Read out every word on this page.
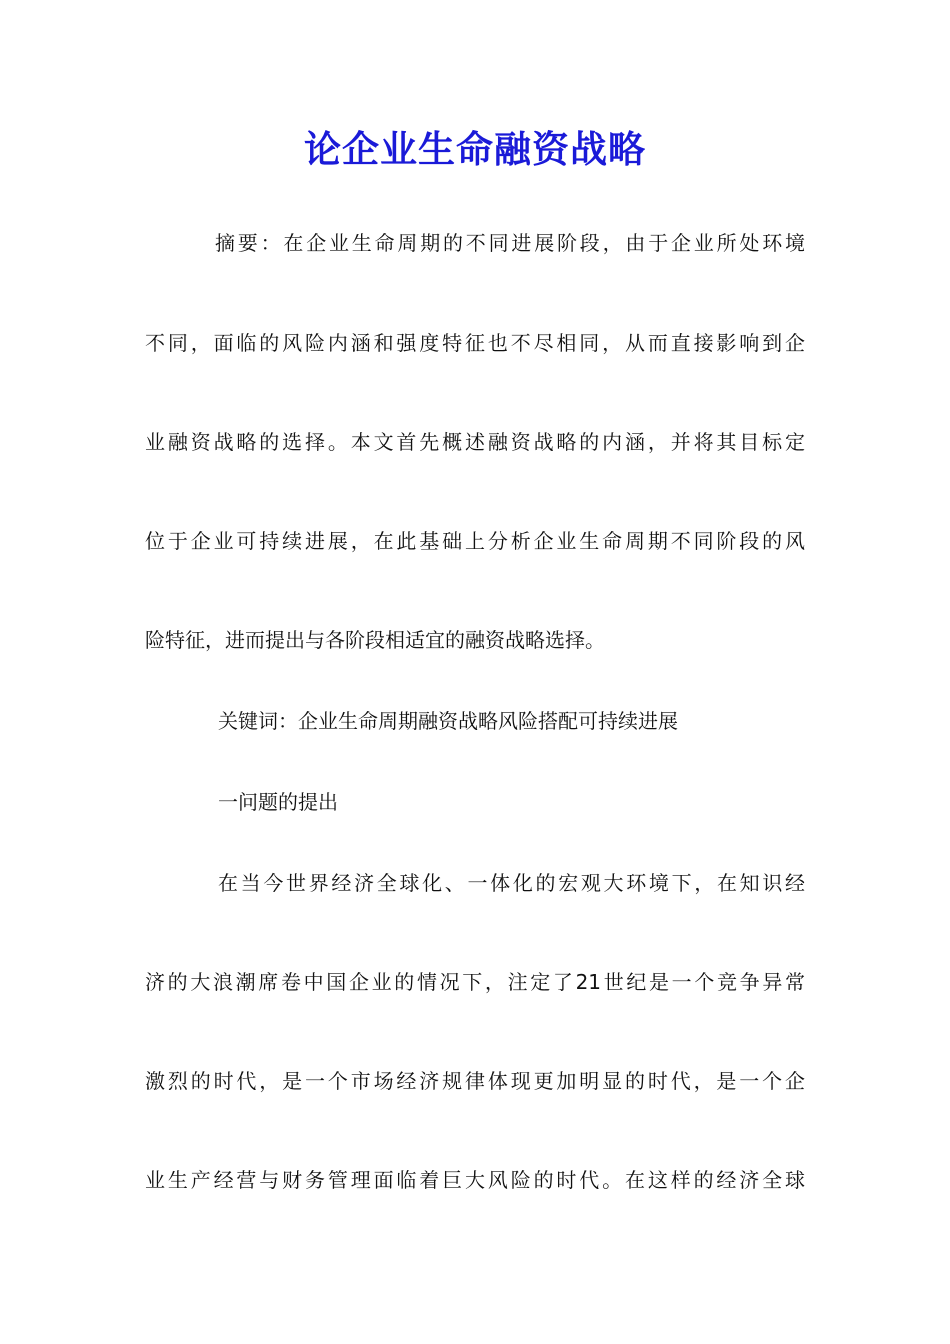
论企业生命融资战略
摘要：在企业生命周期的不同进展阶段，由于企业所处环境
不同，面临的风险内涵和强度特征也不尽相同，从而直接影响到企
业融资战略的选择。本文首先概述融资战略的内涵，并将其目标定
位于企业可持续进展，在此基础上分析企业生命周期不同阶段的风
险特征，进而提出与各阶段相适宜的融资战略选择。
关键词：企业生命周期融资战略风险搭配可持续进展
一问题的提出
在当今世界经济全球化、一体化的宏观大环境下，在知识经
济的大浪潮席卷中国企业的情况下，注定了21世纪是一个竞争异常
激烈的时代，是一个市场经济规律体现更加明显的时代，是一个企
业生产经营与财务管理面临着巨大风险的时代。在这样的经济全球
